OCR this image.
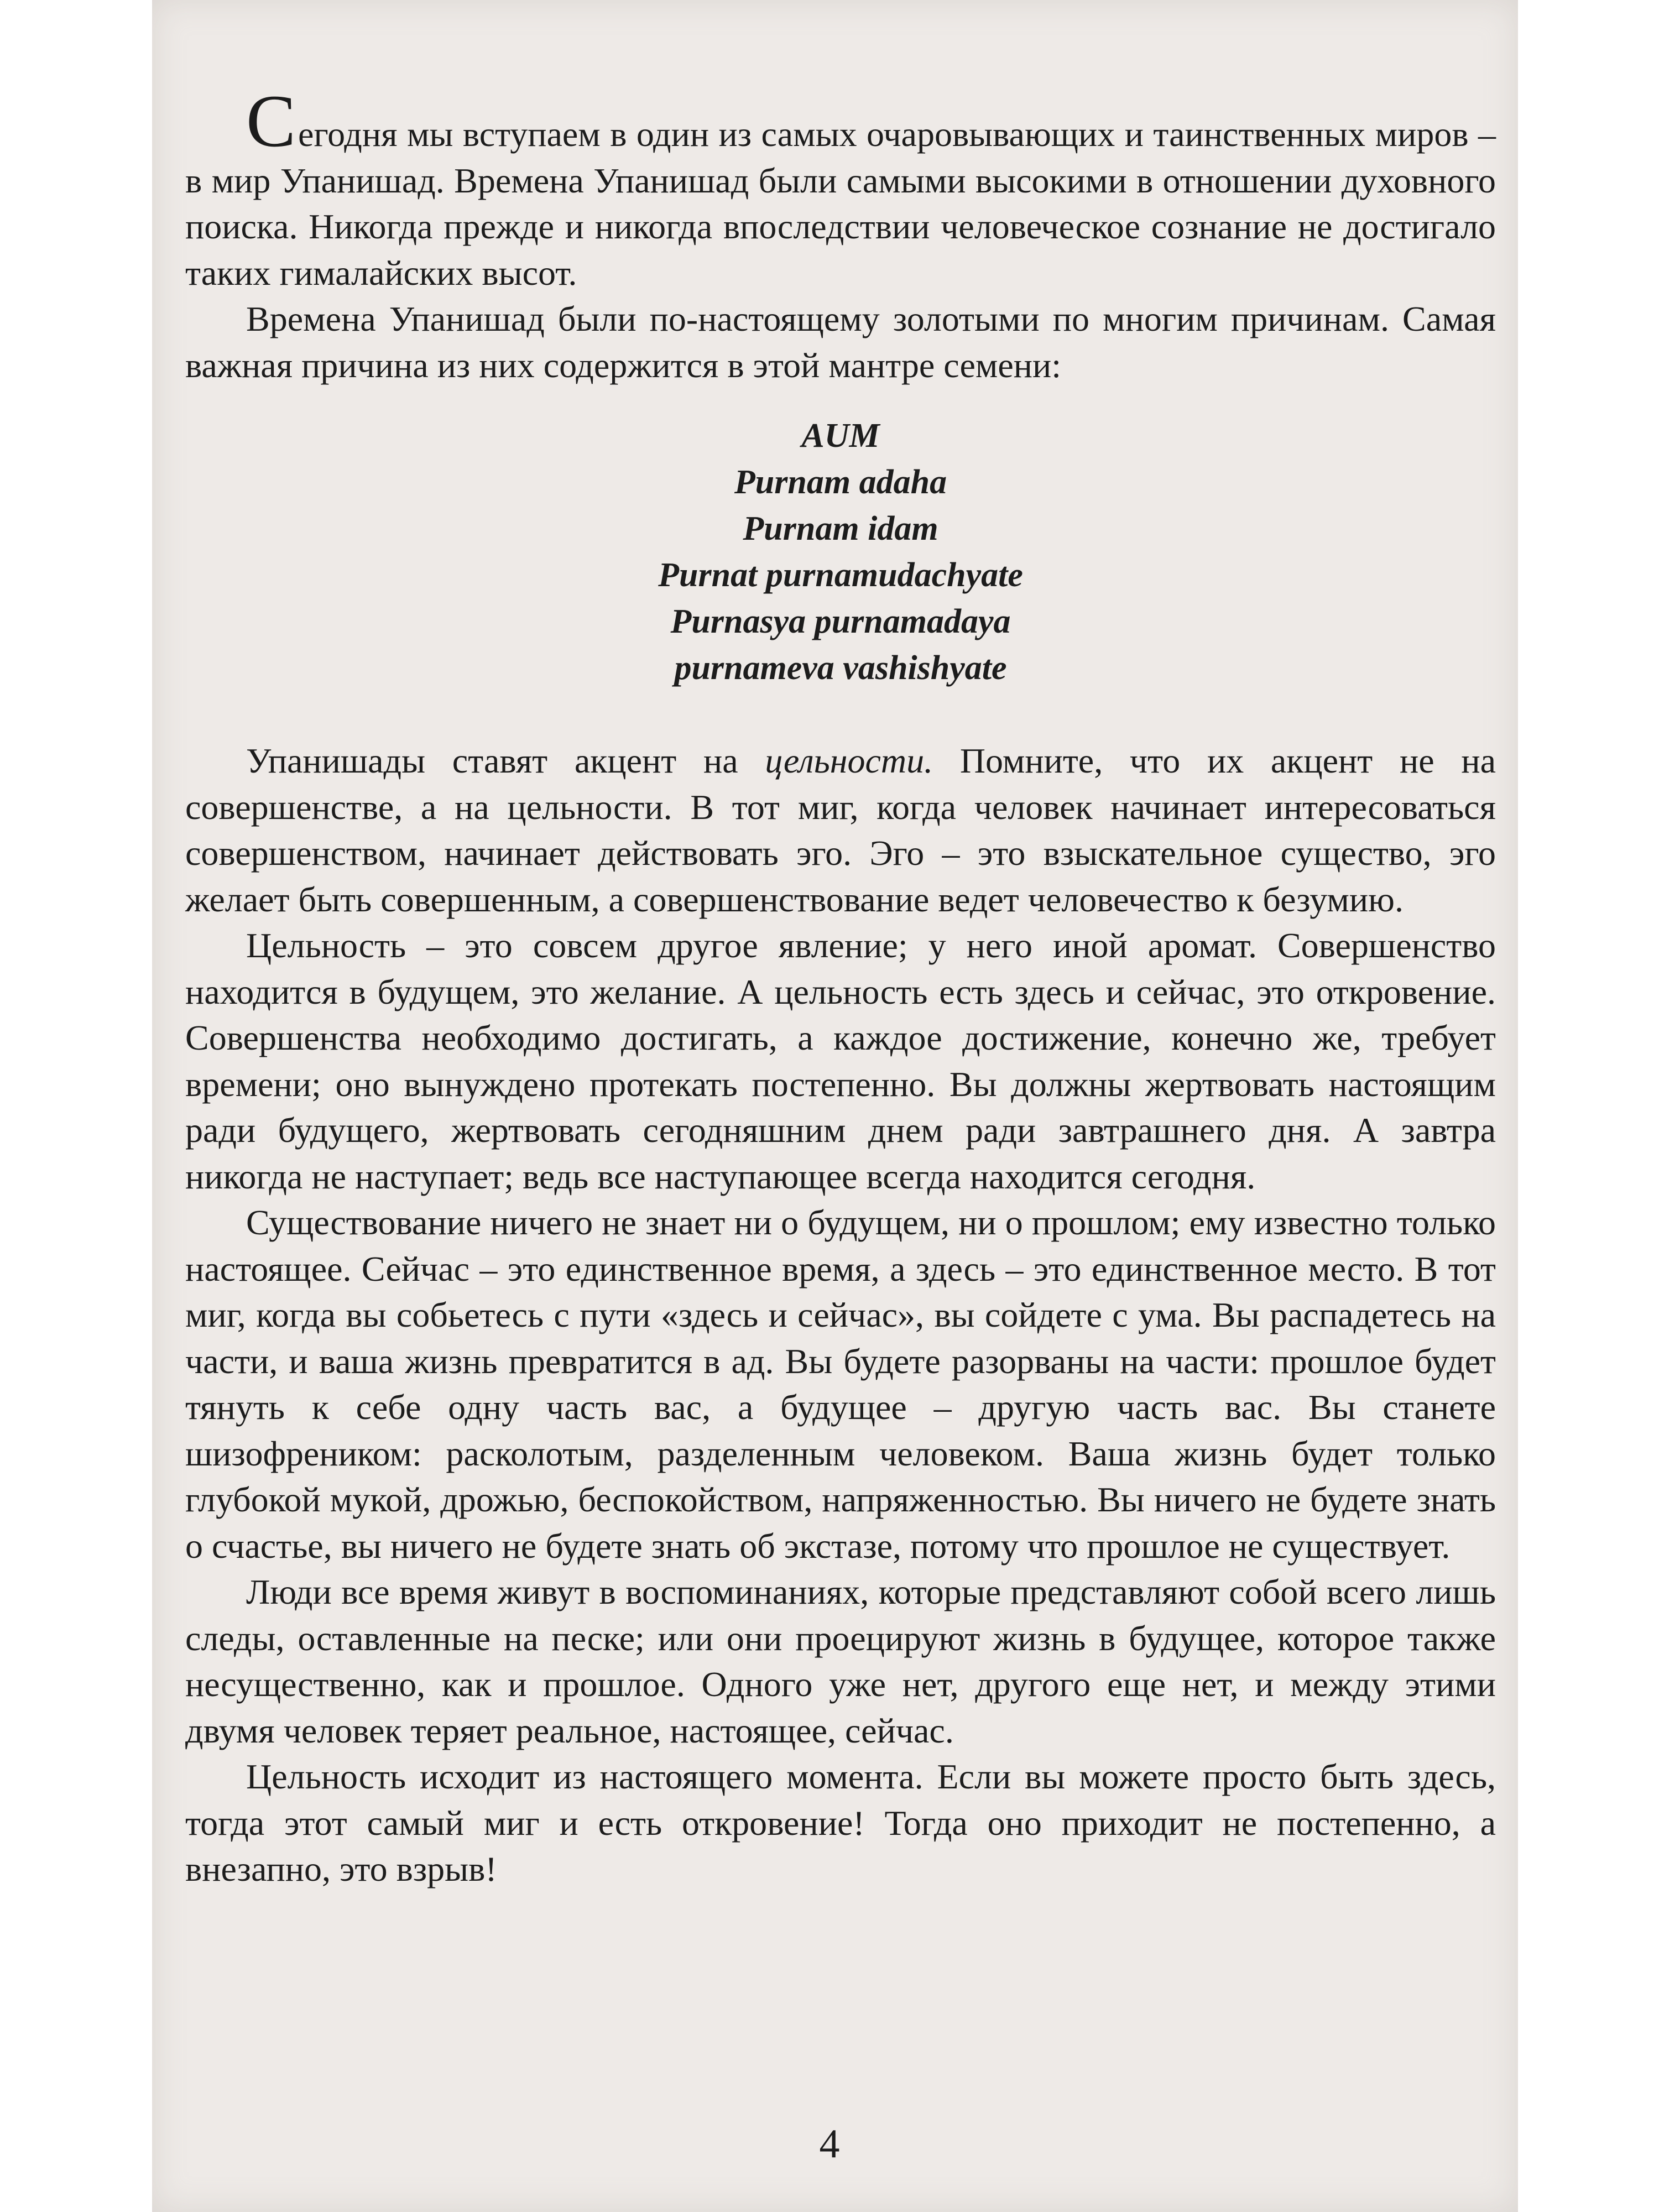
Сегодня мы вступаем в один из самых очаровывающих и таинственных миров – в мир Упанишад. Времена Упанишад были самыми высокими в отношении духовного поиска. Никогда прежде и никогда впоследствии человеческое сознание не достигало таких гималайских высот.

Времена Упанишад были по-настоящему золотыми по многим причинам. Самая важная причина из них содержится в этой мантре семени:

AUM
Purnam adaha
Purnam idam
Purnat purnamudachyate
Purnasya purnamadaya
purnameva vashishyate

Упанишады ставят акцент на цельности. Помните, что их акцент не на совершенстве, а на цельности. В тот миг, когда человек начинает интересоваться совершенством, начинает действовать эго. Эго – это взыскательное существо, эго желает быть совершенным, а совершенствование ведет человечество к безумию.

Цельность – это совсем другое явление; у него иной аромат. Совершенство находится в будущем, это желание. А цельность есть здесь и сейчас, это откровение. Совершенства необходимо достигать, а каждое достижение, конечно же, требует времени; оно вынуждено протекать постепенно. Вы должны жертвовать настоящим ради будущего, жертвовать сегодняшним днем ради завтрашнего дня. А завтра никогда не наступает; ведь все наступающее всегда находится сегодня.

Существование ничего не знает ни о будущем, ни о прошлом; ему известно только настоящее. Сейчас – это единственное время, а здесь – это единственное место. В тот миг, когда вы собьетесь с пути «здесь и сейчас», вы сойдете с ума. Вы распадетесь на части, и ваша жизнь превратится в ад. Вы будете разорваны на части: прошлое будет тянуть к себе одну часть вас, а будущее – другую часть вас. Вы станете шизофреником: расколотым, разделенным человеком. Ваша жизнь будет только глубокой мукой, дрожью, беспокойством, напряженностью. Вы ничего не будете знать о счастье, вы ничего не будете знать об экстазе, потому что прошлое не существует.

Люди все время живут в воспоминаниях, которые представляют собой всего лишь следы, оставленные на песке; или они проецируют жизнь в будущее, которое также несущественно, как и прошлое. Одного уже нет, другого еще нет, и между этими двумя человек теряет реальное, настоящее, сейчас.

Цельность исходит из настоящего момента. Если вы можете просто быть здесь, тогда этот самый миг и есть откровение! Тогда оно приходит не постепенно, а внезапно, это взрыв!

4
